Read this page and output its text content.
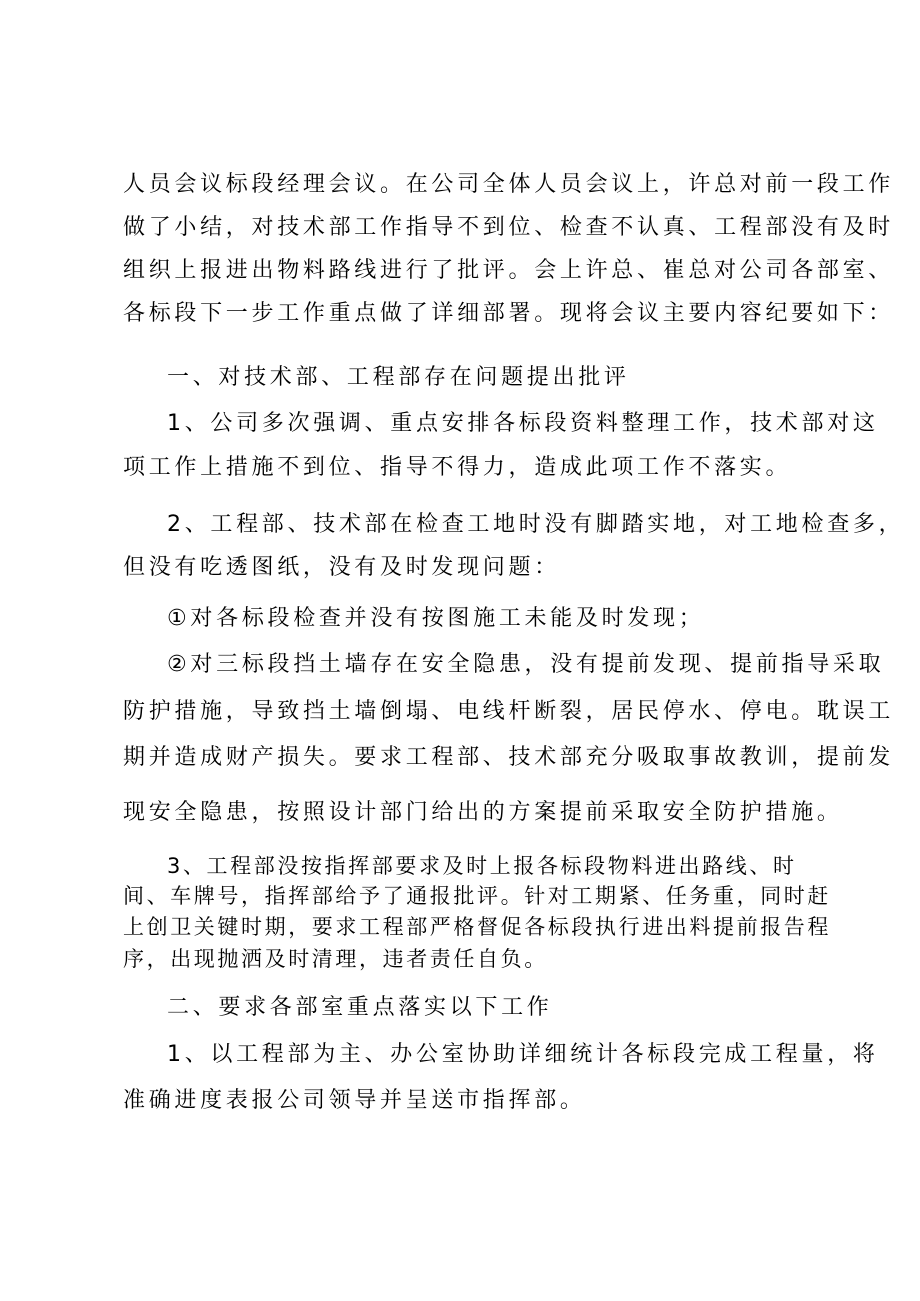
人员会议标段经理会议。在公司全体人员会议上，许总对前一段工作
做了小结，对技术部工作指导不到位、检查不认真、工程部没有及时
组织上报进出物料路线进行了批评。会上许总、崔总对公司各部室、
各标段下一步工作重点做了详细部署。现将会议主要内容纪要如下：
一、对技术部、工程部存在问题提出批评
1、公司多次强调、重点安排各标段资料整理工作，技术部对这
项工作上措施不到位、指导不得力，造成此项工作不落实。
2、工程部、技术部在检查工地时没有脚踏实地，对工地检查多，
但没有吃透图纸，没有及时发现问题：
①对各标段检查并没有按图施工未能及时发现；
②对三标段挡土墙存在安全隐患，没有提前发现、提前指导采取
防护措施，导致挡土墙倒塌、电线杆断裂，居民停水、停电。耽误工
期并造成财产损失。要求工程部、技术部充分吸取事故教训，提前发
现安全隐患，按照设计部门给出的方案提前采取安全防护措施。
3、工程部没按指挥部要求及时上报各标段物料进出路线、时
间、车牌号，指挥部给予了通报批评。针对工期紧、任务重，同时赶
上创卫关键时期，要求工程部严格督促各标段执行进出料提前报告程
序，出现抛洒及时清理，违者责任自负。
二、要求各部室重点落实以下工作
1、以工程部为主、办公室协助详细统计各标段完成工程量，将
准确进度表报公司领导并呈送市指挥部。
